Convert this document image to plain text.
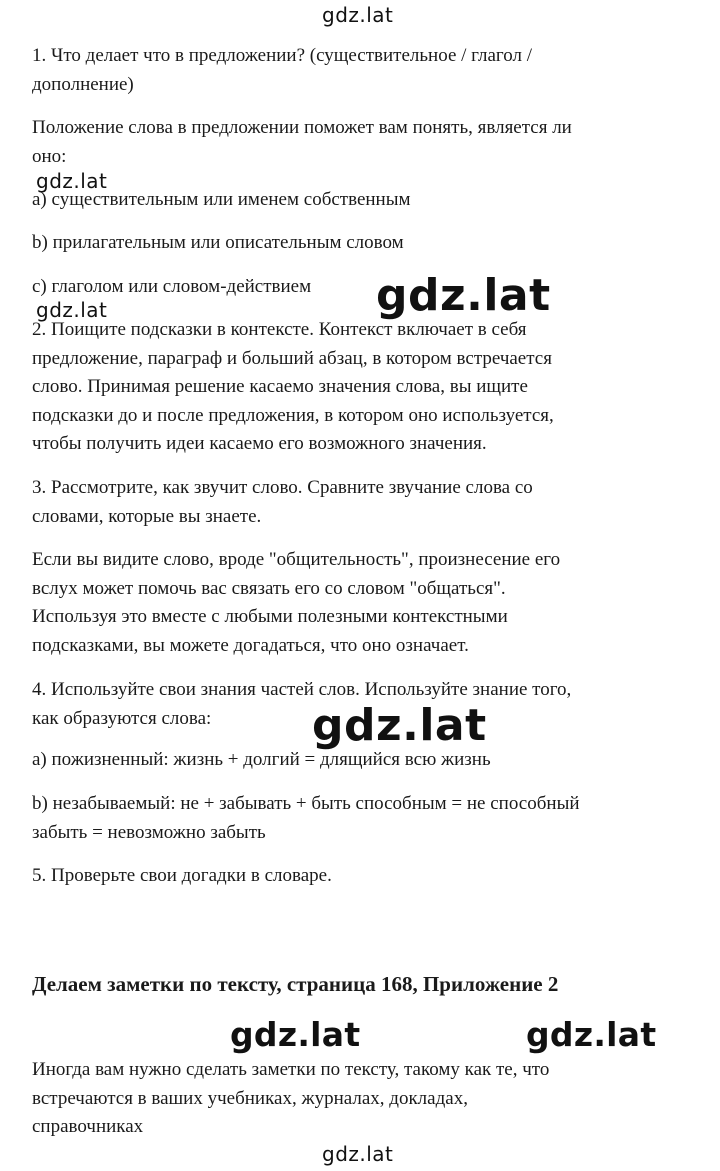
gdz.lat
gdz.lat
gdz.lat	gdz.lat
1. Что делает что в предложении? (существительное / глагол /
дополнение)
Положение слова в предложении поможет вам понять, является ли
оно:
a) существительным или именем собственным
b) прилагательным или описательным словом
c) глаголом или словом-действием
2. Поищите подсказки в контексте. Контекст включает в себя
предложение, параграф и больший абзац, в котором встречается
слово. Принимая решение касаемо значения слова, вы ищите
подсказки до и после предложения, в котором оно используется,
чтобы получить идеи касаемо его возможного значения.
3. Рассмотрите, как звучит слово. Сравните звучание слова со
словами, которые вы знаете.
Если вы видите слово, вроде "общительность", произнесение его
вслух может помочь вас связать его со словом "общаться".
Используя это вместе с любыми полезными контекстными
подсказками, вы можете догадаться, что оно означает.
4. Используйте свои знания частей слов. Используйте знание того,
как образуются слова:	gdz.lat
a) пожизненный: жизнь + долгий = длящийся всю жизнь
b) незабываемый: не + забывать + быть способным = не способный
забыть = невозможно забыть
5. Проверьте свои догадки в словаре.
Делаем заметки по тексту, страница 168, Приложение 2
gdz.lat	gdz.lat
Иногда вам нужно сделать заметки по тексту, такому как те, что
встречаются в ваших учебниках, журналах, докладах,
справочниках
gdz.lat
